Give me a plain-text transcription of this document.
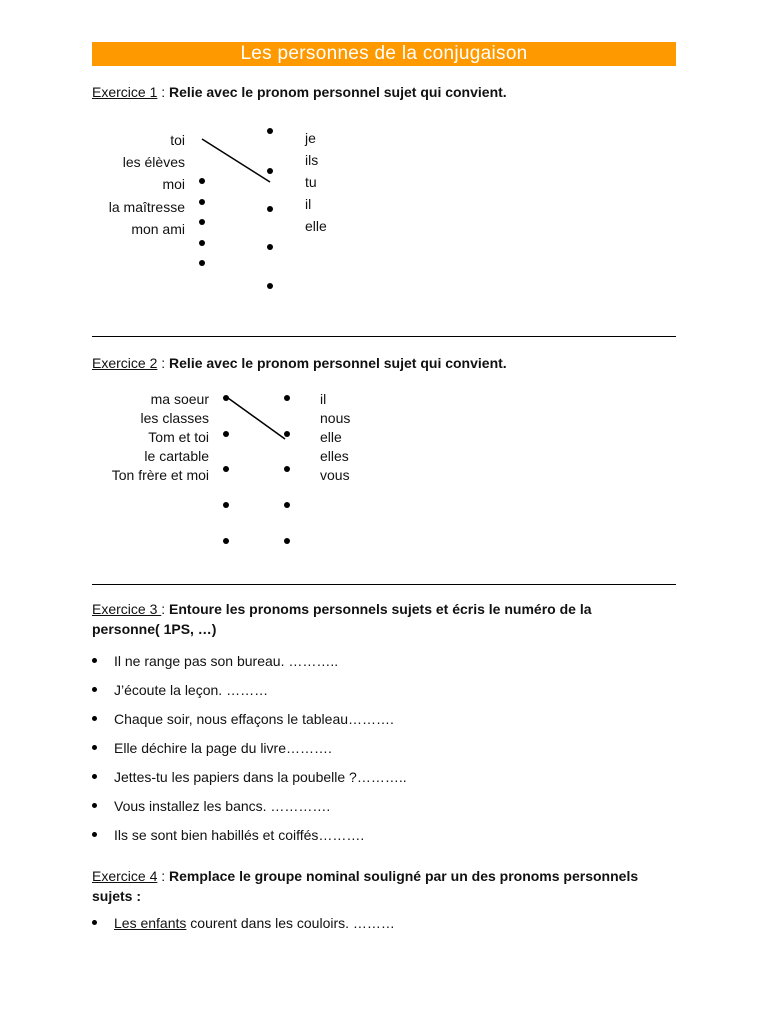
Les personnes de la conjugaison
Exercice 1 : Relie avec le pronom personnel sujet qui convient.
toi
les élèves
moi
la maîtresse
mon ami
je
ils
tu
il
elle
Exercice 2 : Relie avec le pronom personnel sujet qui convient.
ma soeur
les classes
Tom et toi
le cartable
Ton frère et moi
il
nous
elle
elles
vous
Exercice 3 : Entoure les pronoms personnels sujets et écris le numéro de la
personne( 1PS, …)
Il ne range pas son bureau. ………..
J’écoute la leçon. ………
Chaque soir, nous effaçons le tableau……….
Elle déchire la page du livre……….
Jettes-tu les papiers dans la poubelle ?………..
Vous installez les bancs. ………….
Ils se sont bien habillés et coiffés……….
Exercice 4 : Remplace le groupe nominal souligné par un des pronoms personnels
sujets :
Les enfants courent dans les couloirs. ………
